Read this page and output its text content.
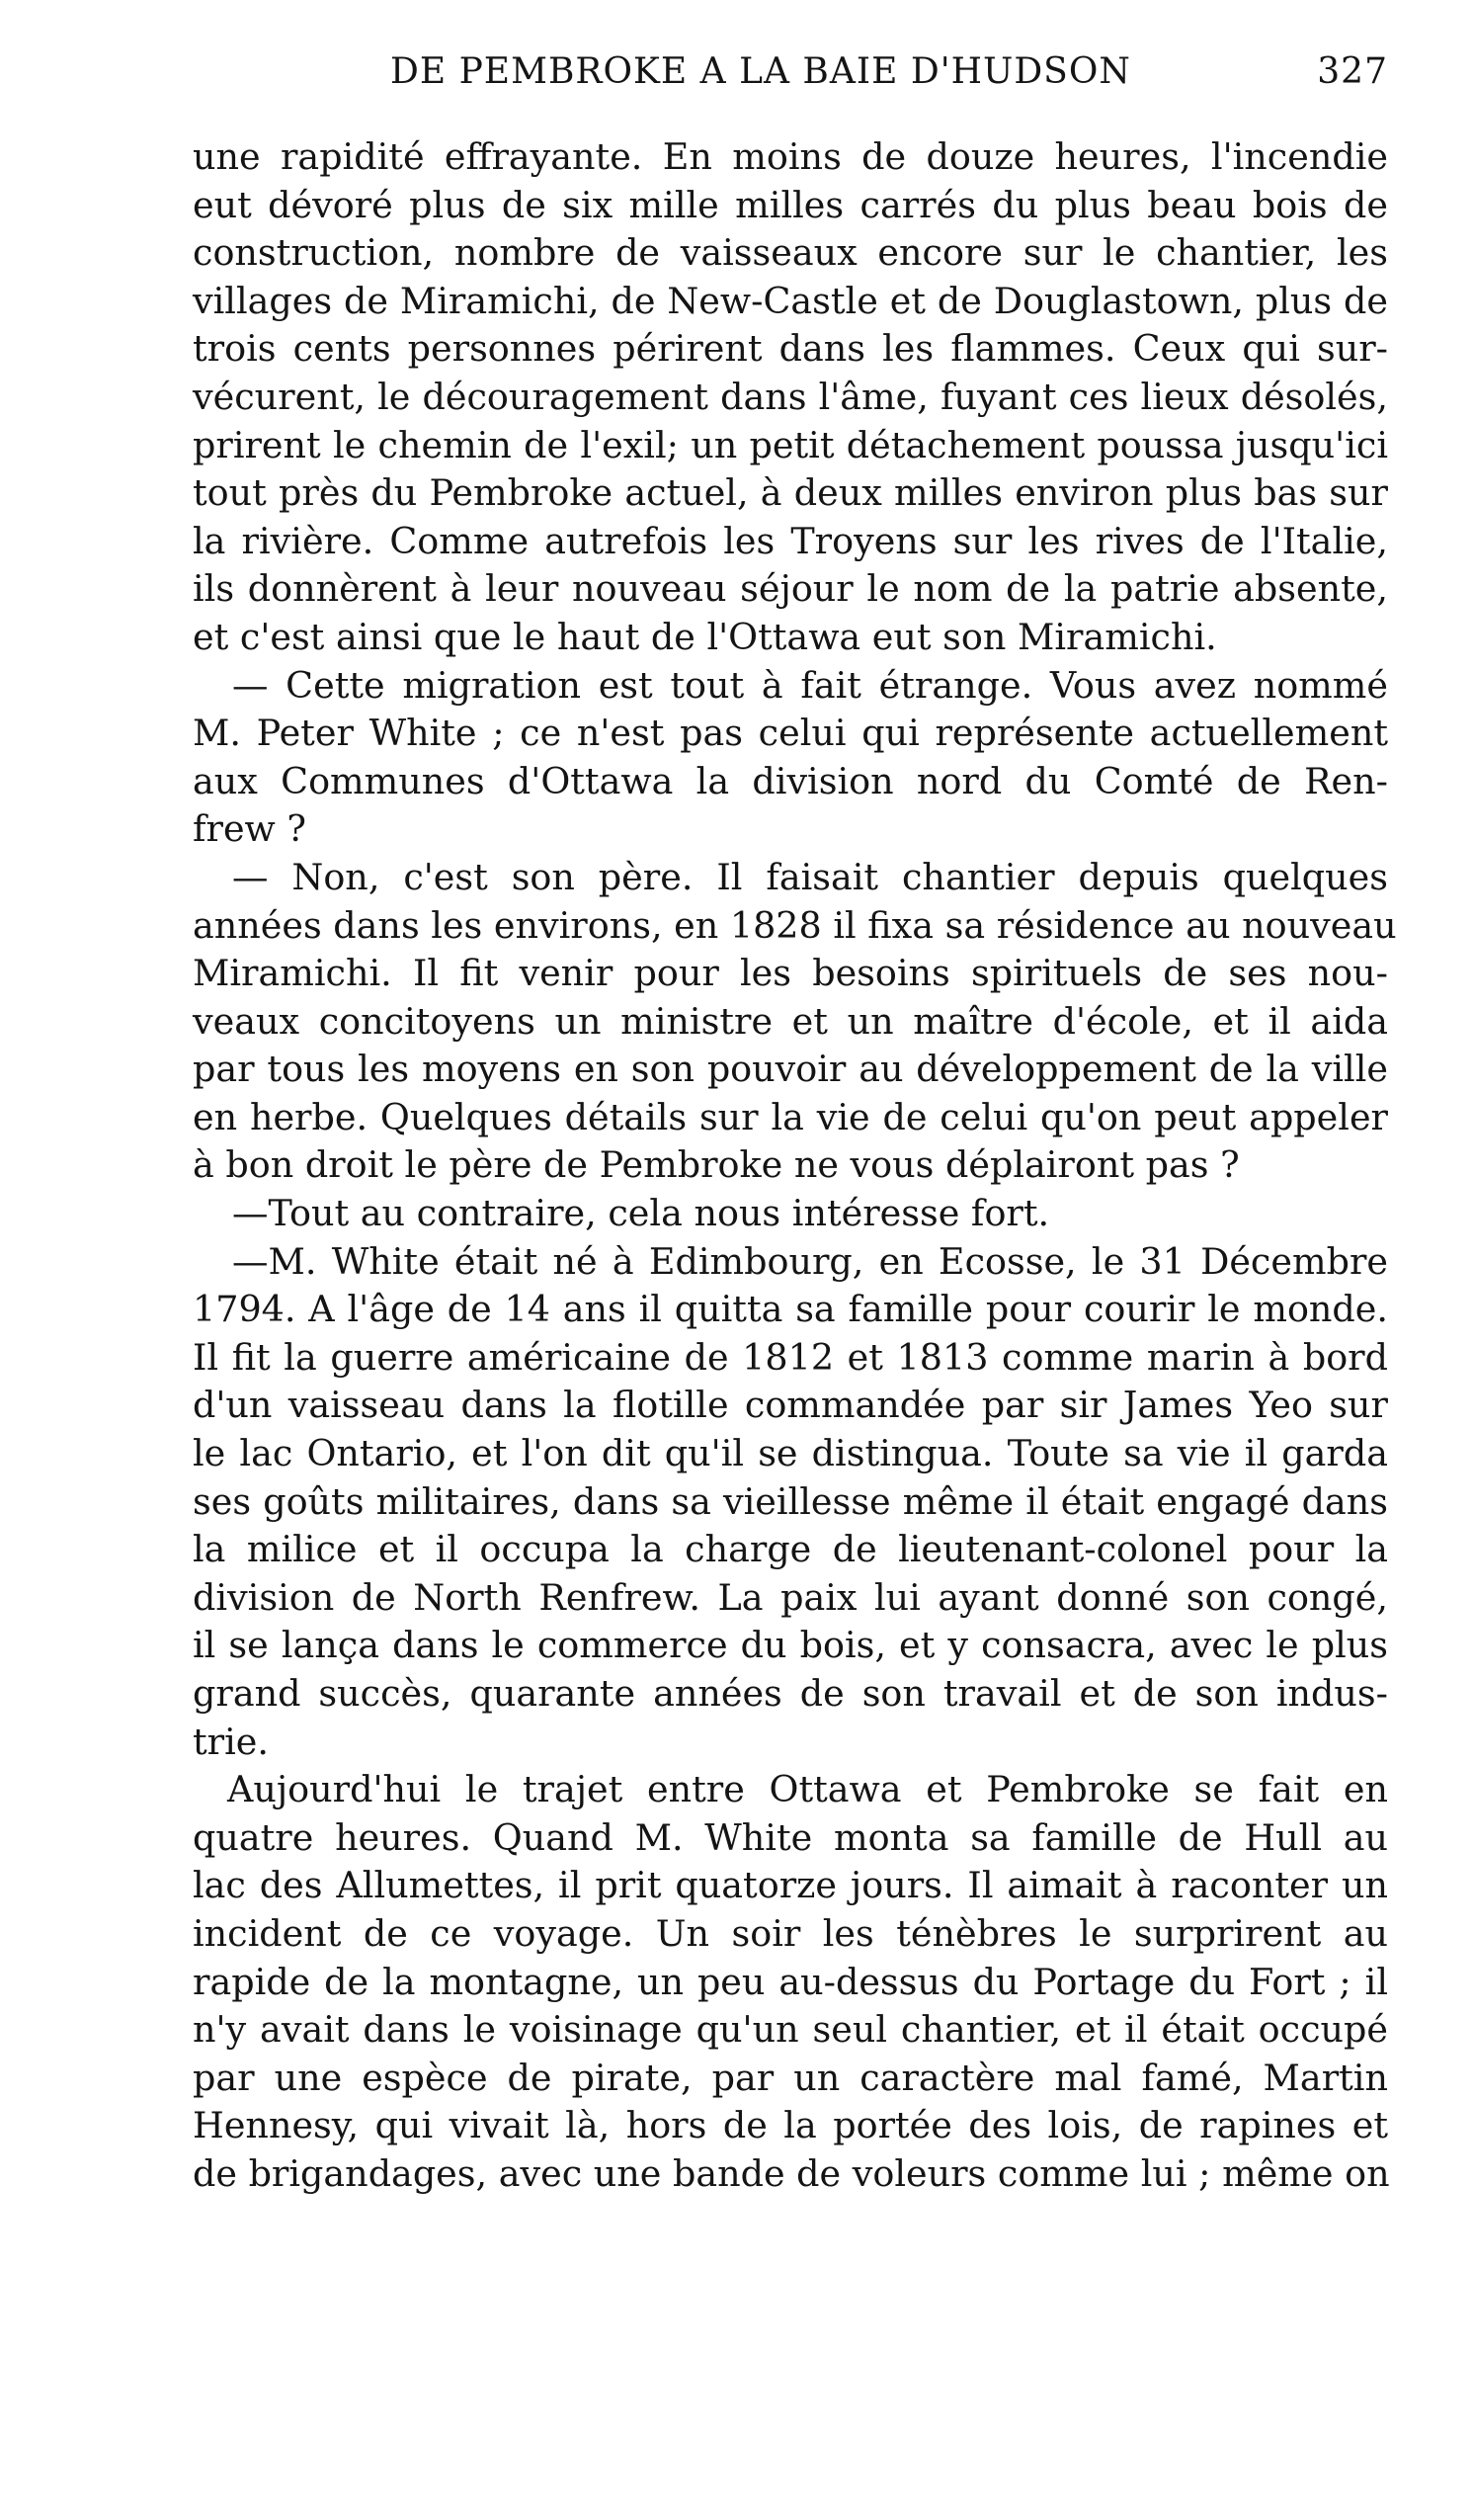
DE PEMBROKE A LA BAIE D'HUDSON	327
une rapidité effrayante. En moins de douze heures, l'incendie
eut dévoré plus de six mille milles carrés du plus beau bois de
construction, nombre de vaisseaux encore sur le chantier, les
villages de Miramichi, de New-Castle et de Douglastown, plus de
trois cents personnes périrent dans les flammes. Ceux qui sur-
vécurent, le découragement dans l'âme, fuyant ces lieux désolés,
prirent le chemin de l'exil; un petit détachement poussa jusqu'ici
tout près du Pembroke actuel, à deux milles environ plus bas sur
la rivière. Comme autrefois les Troyens sur les rives de l'Italie,
ils donnèrent à leur nouveau séjour le nom de la patrie absente,
et c'est ainsi que le haut de l'Ottawa eut son Miramichi.
— Cette migration est tout à fait étrange. Vous avez nommé
M. Peter White ; ce n'est pas celui qui représente actuellement
aux Communes d'Ottawa la division nord du Comté de Ren-
frew ?
— Non, c'est son père. Il faisait chantier depuis quelques
années dans les environs, en 1828 il fixa sa résidence au nouveau
Miramichi. Il fit venir pour les besoins spirituels de ses nou-
veaux concitoyens un ministre et un maître d'école, et il aida
par tous les moyens en son pouvoir au développement de la ville
en herbe. Quelques détails sur la vie de celui qu'on peut appeler
à bon droit le père de Pembroke ne vous déplairont pas ?
—Tout au contraire, cela nous intéresse fort.
—M. White était né à Edimbourg, en Ecosse, le 31 Décembre
1794. A l'âge de 14 ans il quitta sa famille pour courir le monde.
Il fit la guerre américaine de 1812 et 1813 comme marin à bord
d'un vaisseau dans la flotille commandée par sir James Yeo sur
le lac Ontario, et l'on dit qu'il se distingua. Toute sa vie il garda
ses goûts militaires, dans sa vieillesse même il était engagé dans
la milice et il occupa la charge de lieutenant-colonel pour la
division de North Renfrew. La paix lui ayant donné son congé,
il se lança dans le commerce du bois, et y consacra, avec le plus
grand succès, quarante années de son travail et de son indus-
trie.
Aujourd'hui le trajet entre Ottawa et Pembroke se fait en
quatre heures. Quand M. White monta sa famille de Hull au
lac des Allumettes, il prit quatorze jours. Il aimait à raconter un
incident de ce voyage. Un soir les ténèbres le surprirent au
rapide de la montagne, un peu au-dessus du Portage du Fort ; il
n'y avait dans le voisinage qu'un seul chantier, et il était occupé
par une espèce de pirate, par un caractère mal famé, Martin
Hennesy, qui vivait là, hors de la portée des lois, de rapines et
de brigandages, avec une bande de voleurs comme lui ; même on
